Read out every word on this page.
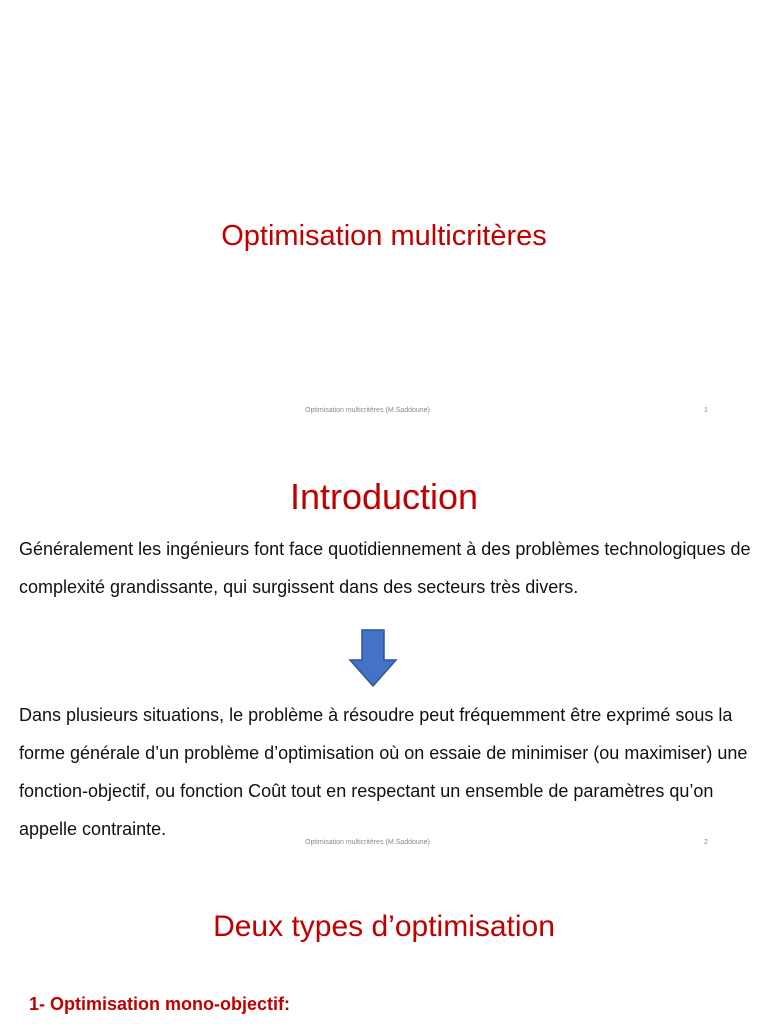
Optimisation multicritères
Optimisation multicritères (M.Saddoune)	1
Introduction

Généralement les ingénieurs font face quotidiennement à des problèmes technologiques de complexité grandissante, qui surgissent dans des secteurs très divers.

Dans plusieurs situations, le problème à résoudre peut fréquemment être exprimé sous la forme générale d’un problème d’optimisation où on essaie de minimiser (ou maximiser) une fonction-objectif, ou fonction Coût tout en respectant un ensemble de paramètres qu’on appelle contrainte.

Optimisation multicritères (M.Saddoune)	2
Deux types d’optimisation

1- Optimisation mono-objectif:
